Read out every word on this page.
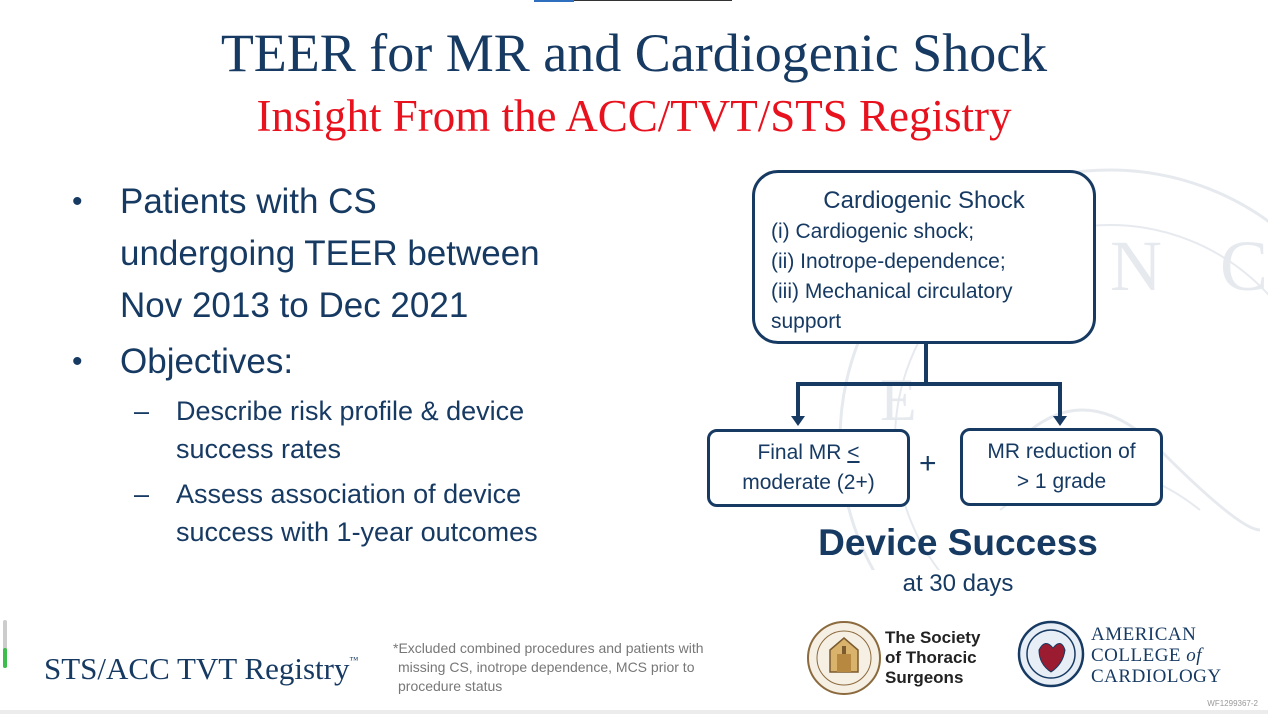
C
N
E
TEER for MR and Cardiogenic Shock
Insight From the ACC/TVT/STS Registry
• Patients with CS
undergoing TEER between
Nov 2013 to Dec 2021
• Objectives:
– Describe risk profile & device
success rates
– Assess association of device
success with 1-year outcomes
Cardiogenic Shock
(i) Cardiogenic shock;
(ii) Inotrope-dependence;
(iii) Mechanical circulatory
support
Final MR <
moderate (2+)
+	MR reduction of
> 1 grade
Device Success
at 30 days
STS/ACC TVT Registry™
*Excluded combined procedures and patients with
missing CS, inotrope dependence, MCS prior to
procedure status
The Society
of Thoracic
Surgeons
AMERICAN
COLLEGE of
CARDIOLOGY
WF1299367-2
